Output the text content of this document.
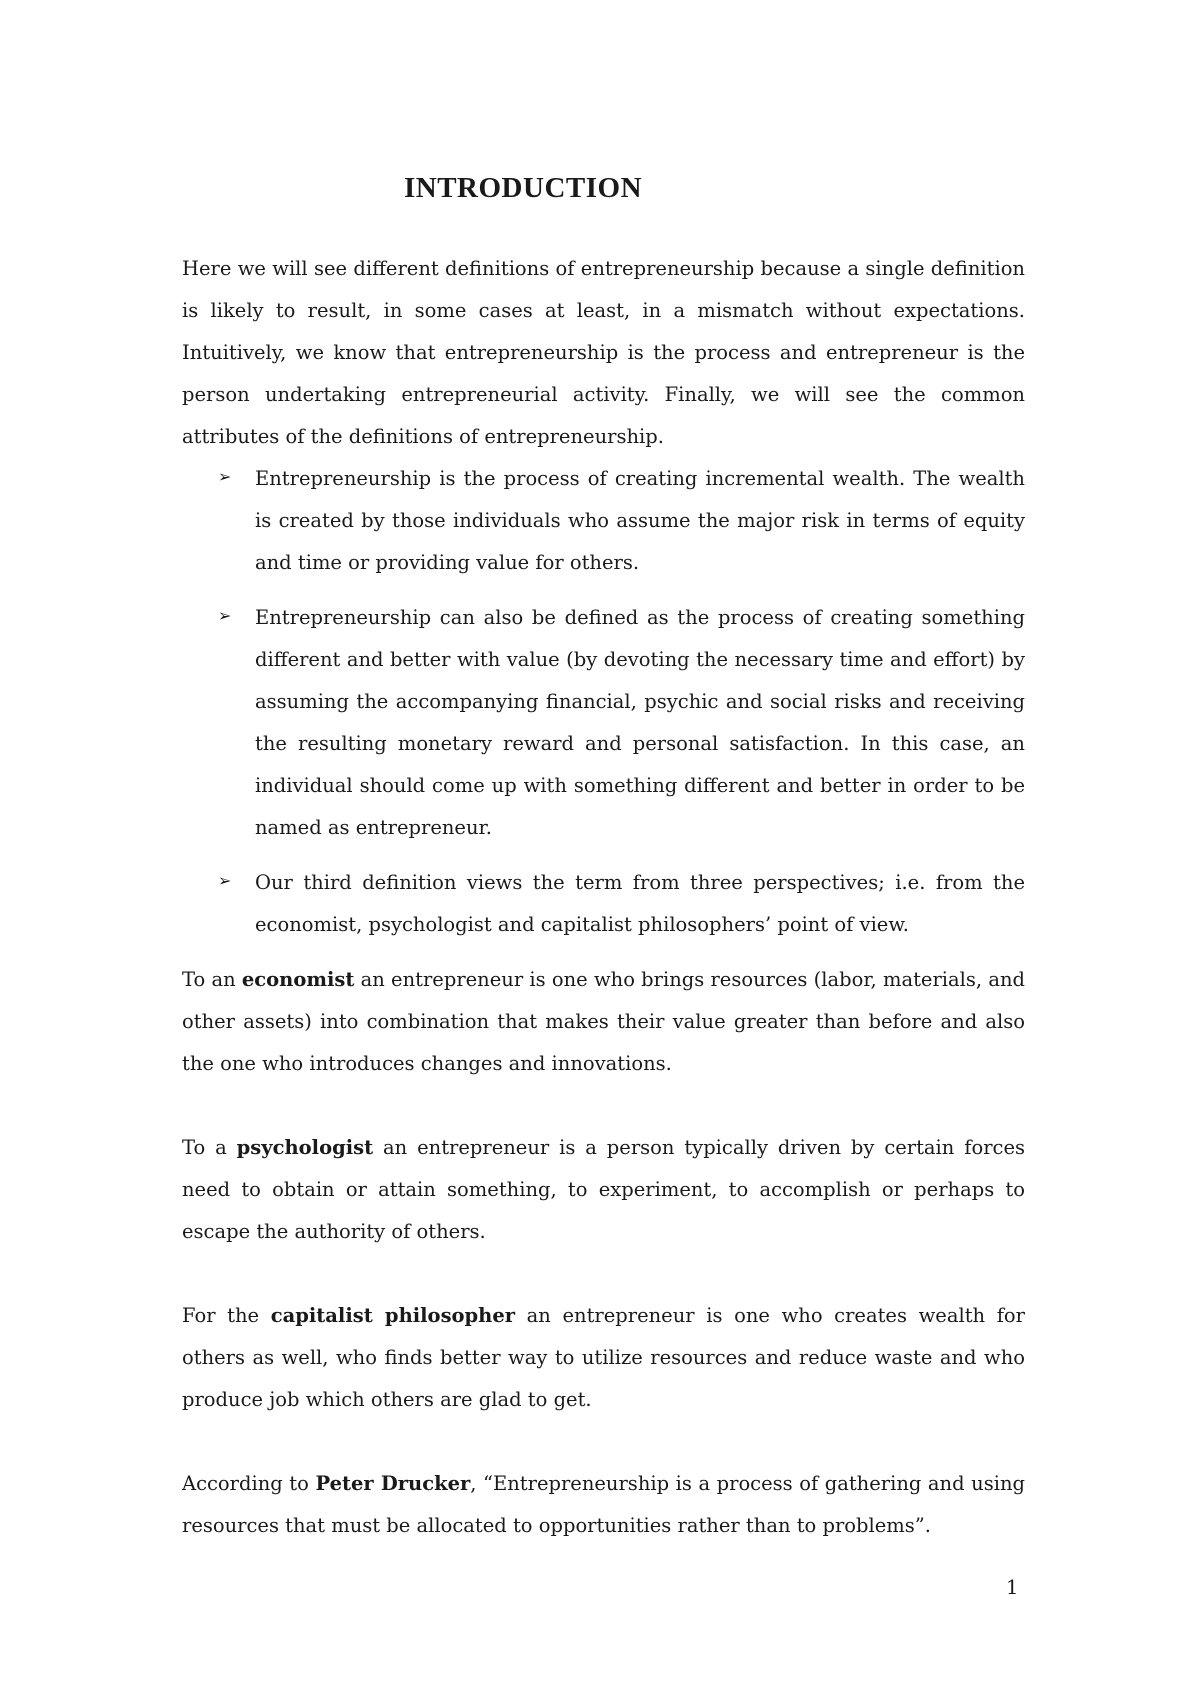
INTRODUCTION

Here we will see different definitions of entrepreneurship because a single definition is likely to result, in some cases at least, in a mismatch without expectations. Intuitively, we know that entrepreneurship is the process and entrepreneur is the person undertaking entrepreneurial activity. Finally, we will see the common attributes of the definitions of entrepreneurship.

➢ Entrepreneurship is the process of creating incremental wealth. The wealth is created by those individuals who assume the major risk in terms of equity and time or providing value for others.
➢ Entrepreneurship can also be defined as the process of creating something different and better with value (by devoting the necessary time and effort) by assuming the accompanying financial, psychic and social risks and receiving the resulting monetary reward and personal satisfaction. In this case, an individual should come up with something different and better in order to be named as entrepreneur.
➢ Our third definition views the term from three perspectives; i.e. from the economist, psychologist and capitalist philosophers’ point of view.

To an economist an entrepreneur is one who brings resources (labor, materials, and other assets) into combination that makes their value greater than before and also the one who introduces changes and innovations.

To a psychologist an entrepreneur is a person typically driven by certain forces need to obtain or attain something, to experiment, to accomplish or perhaps to escape the authority of others.

For the capitalist philosopher an entrepreneur is one who creates wealth for others as well, who finds better way to utilize resources and reduce waste and who produce job which others are glad to get.

According to Peter Drucker, “Entrepreneurship is a process of gathering and using resources that must be allocated to opportunities rather than to problems”.

1
